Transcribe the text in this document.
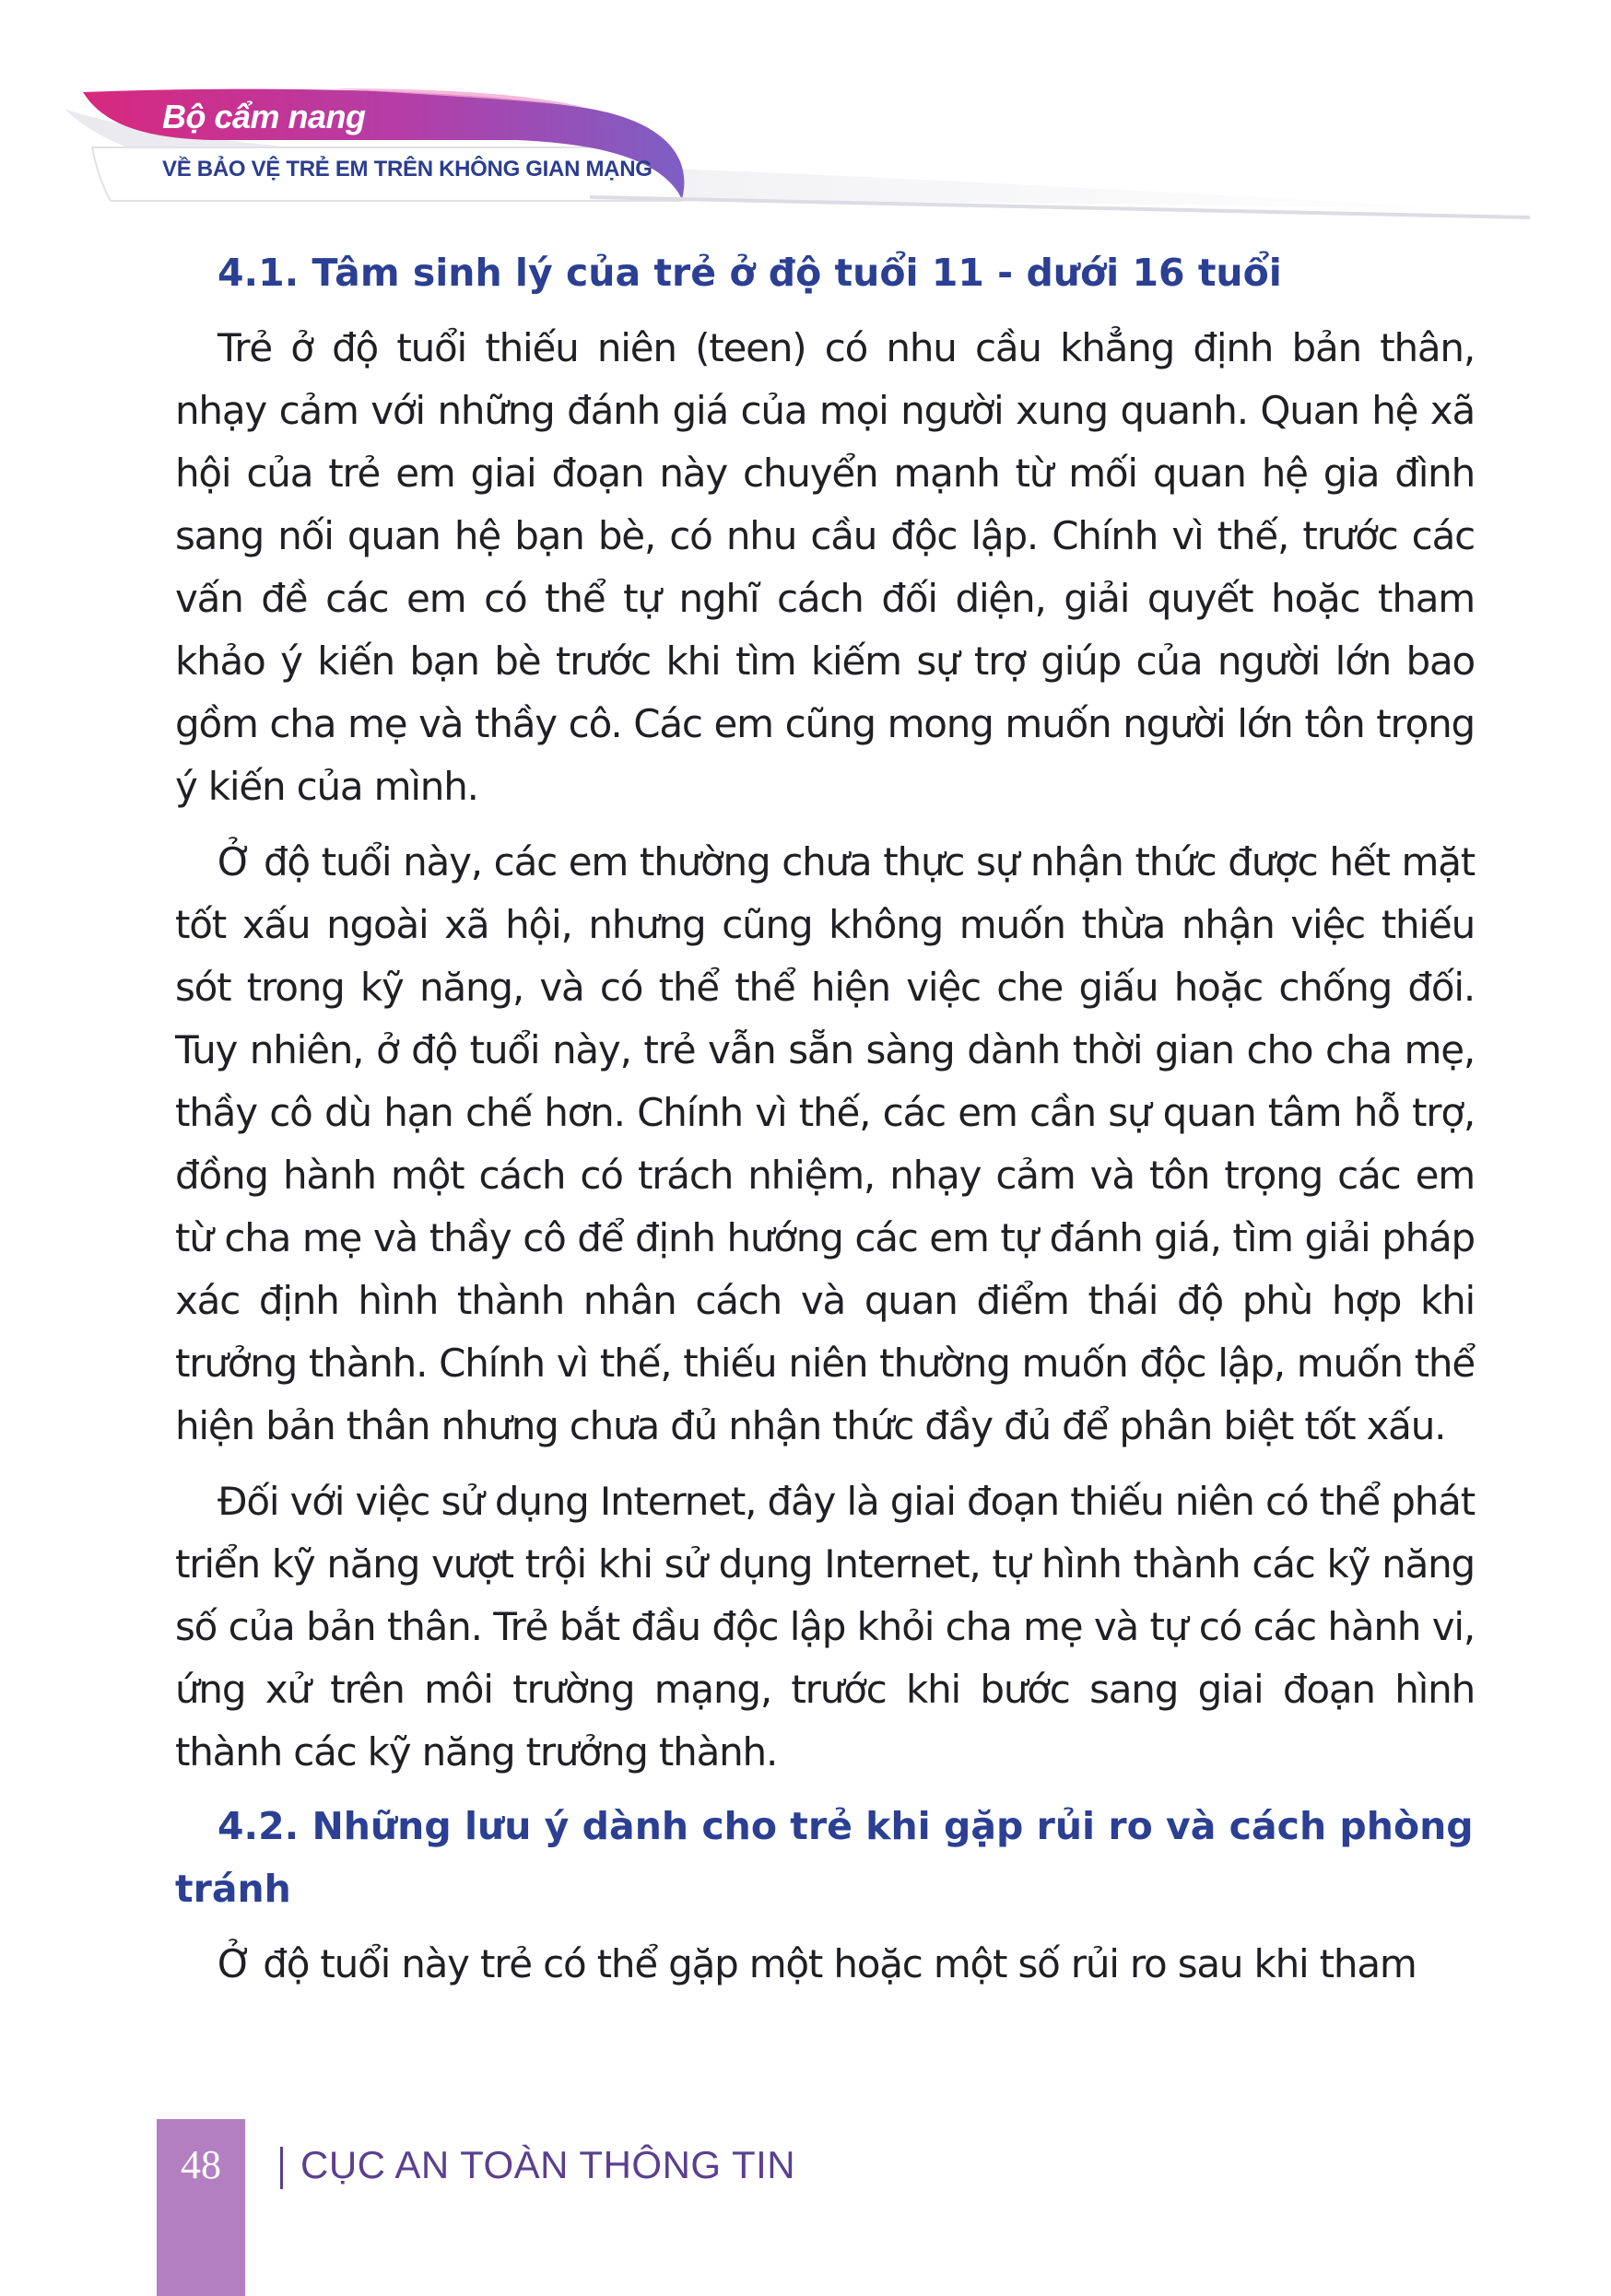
Bộ cẩm nang
VỀ BẢO VỆ TRẺ EM TRÊN KHÔNG GIAN MẠNG
4.1. Tâm sinh lý của trẻ ở độ tuổi 11 - dưới 16 tuổi

Trẻ ở độ tuổi thiếu niên (teen) có nhu cầu khẳng định bản thân, nhạy cảm với những đánh giá của mọi người xung quanh. Quan hệ xã hội của trẻ em giai đoạn này chuyển mạnh từ mối quan hệ gia đình sang nối quan hệ bạn bè, có nhu cầu độc lập. Chính vì thế, trước các vấn đề các em có thể tự nghĩ cách đối diện, giải quyết hoặc tham khảo ý kiến bạn bè trước khi tìm kiếm sự trợ giúp của người lớn bao gồm cha mẹ và thầy cô. Các em cũng mong muốn người lớn tôn trọng ý kiến của mình.

Ở độ tuổi này, các em thường chưa thực sự nhận thức được hết mặt tốt xấu ngoài xã hội, nhưng cũng không muốn thừa nhận việc thiếu sót trong kỹ năng, và có thể thể hiện việc che giấu hoặc chống đối. Tuy nhiên, ở độ tuổi này, trẻ vẫn sẵn sàng dành thời gian cho cha mẹ, thầy cô dù hạn chế hơn. Chính vì thế, các em cần sự quan tâm hỗ trợ, đồng hành một cách có trách nhiệm, nhạy cảm và tôn trọng các em từ cha mẹ và thầy cô để định hướng các em tự đánh giá, tìm giải pháp xác định hình thành nhân cách và quan điểm thái độ phù hợp khi trưởng thành. Chính vì thế, thiếu niên thường muốn độc lập, muốn thể hiện bản thân nhưng chưa đủ nhận thức đầy đủ để phân biệt tốt xấu.

Đối với việc sử dụng Internet, đây là giai đoạn thiếu niên có thể phát triển kỹ năng vượt trội khi sử dụng Internet, tự hình thành các kỹ năng số của bản thân. Trẻ bắt đầu độc lập khỏi cha mẹ và tự có các hành vi, ứng xử trên môi trường mạng, trước khi bước sang giai đoạn hình thành các kỹ năng trưởng thành.

4.2. Những lưu ý dành cho trẻ khi gặp rủi ro và cách phòng tránh

Ở độ tuổi này trẻ có thể gặp một hoặc một số rủi ro sau khi tham

48	CỤC AN TOÀN THÔNG TIN
